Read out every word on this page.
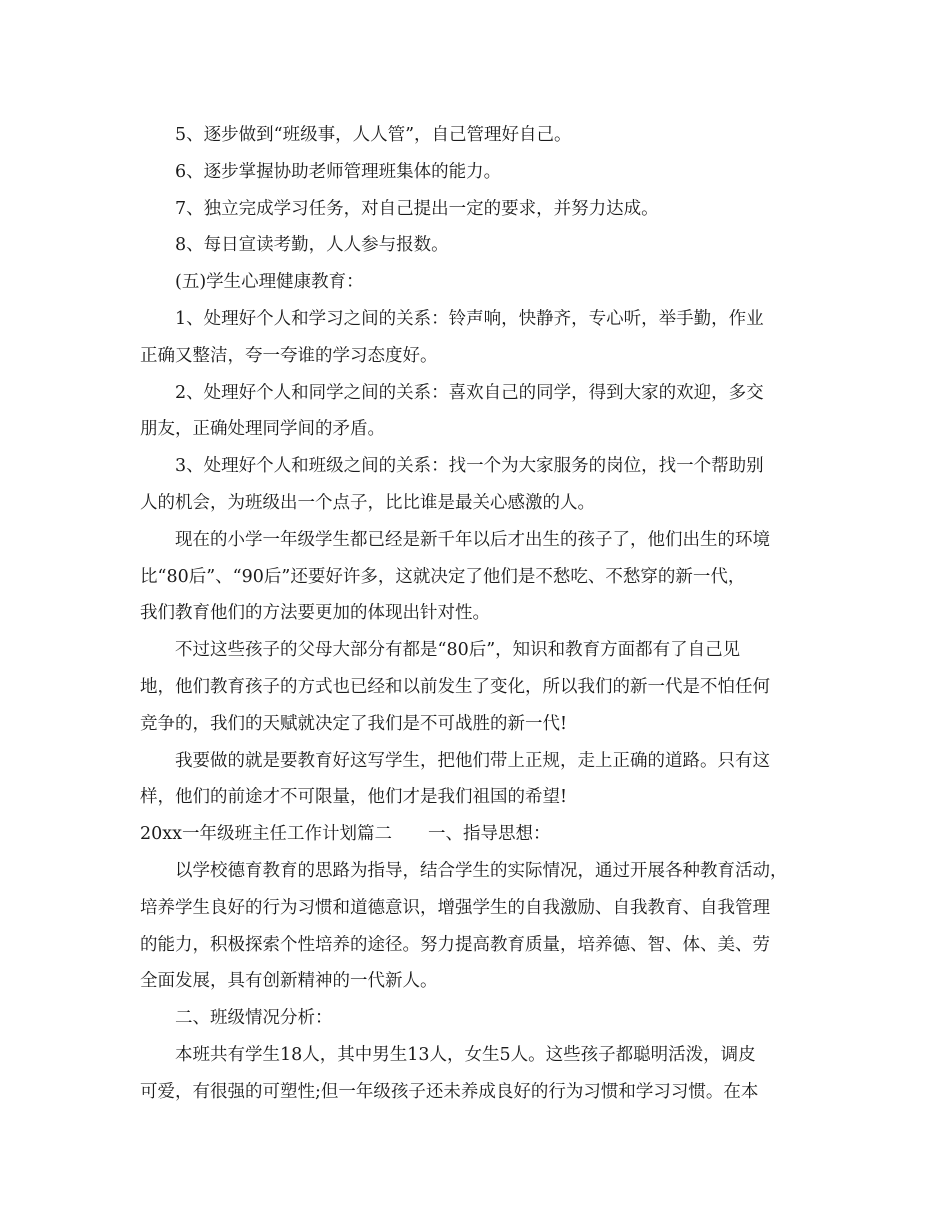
5、逐步做到“班级事，人人管”，自己管理好自己。

6、逐步掌握协助老师管理班集体的能力。

7、独立完成学习任务，对自己提出一定的要求，并努力达成。

8、每日宣读考勤，人人参与报数。

(五)学生心理健康教育：

1、处理好个人和学习之间的关系：铃声响，快静齐，专心听，举手勤，作业
正确又整洁，夸一夸谁的学习态度好。

2、处理好个人和同学之间的关系：喜欢自己的同学，得到大家的欢迎，多交
朋友，正确处理同学间的矛盾。

3、处理好个人和班级之间的关系：找一个为大家服务的岗位，找一个帮助别
人的机会，为班级出一个点子，比比谁是最关心感激的人。

现在的小学一年级学生都已经是新千年以后才出生的孩子了，他们出生的环境
比“80后”、“90后”还要好许多，这就决定了他们是不愁吃、不愁穿的新一代，
我们教育他们的方法要更加的体现出针对性。

不过这些孩子的父母大部分有都是“80后”，知识和教育方面都有了自己见
地，他们教育孩子的方式也已经和以前发生了变化，所以我们的新一代是不怕任何
竞争的，我们的天赋就决定了我们是不可战胜的新一代!

我要做的就是要教育好这写学生，把他们带上正规，走上正确的道路。只有这
样，他们的前途才不可限量，他们才是我们祖国的希望!

20xx一年级班主任工作计划篇二 一、指导思想：

以学校德育教育的思路为指导，结合学生的实际情况，通过开展各种教育活动，
培养学生良好的行为习惯和道德意识，增强学生的自我激励、自我教育、自我管理
的能力，积极探索个性培养的途径。努力提高教育质量，培养德、智、体、美、劳
全面发展，具有创新精神的一代新人。

二、班级情况分析：

本班共有学生18人，其中男生13人，女生5人。这些孩子都聪明活泼，调皮
可爱，有很强的可塑性;但一年级孩子还未养成良好的行为习惯和学习习惯。在本
